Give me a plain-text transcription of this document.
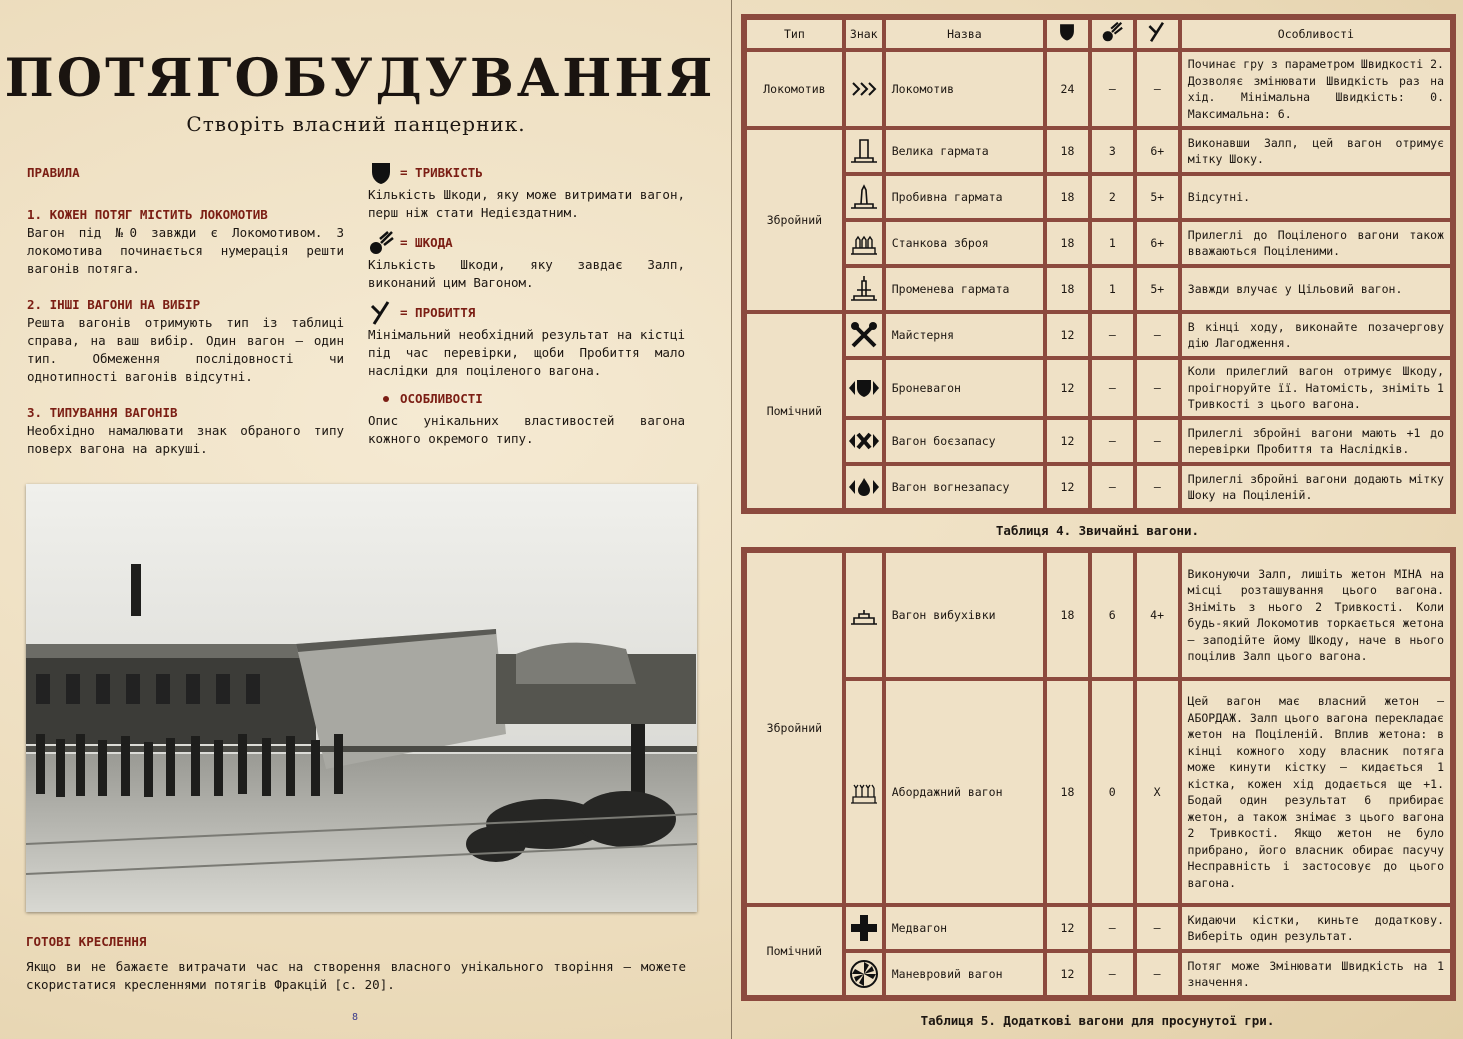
ПОТЯГОБУДУВАННЯ
Створіть власний панцерник.
ПРАВИЛА
1. КОЖЕН ПОТЯГ МІСТИТЬ ЛОКОМОТИВ

Вагон під №0 завжди є Локомотивом. З локомотива починається нумерація решти вагонів потяга.

2. ІНШІ ВАГОНИ НА ВИБІР

Решта вагонів отримують тип із таблиці справа, на ваш вибір. Один вагон – один тип. Обмеження послідовності чи однотипності вагонів відсутні.

3. ТИПУВАННЯ ВАГОНІВ

Необхідно намалювати знак обраного типу поверх вагона на аркуші.

= ТРИВКІСТЬ

Кількість Шкоди, яку може витримати вагон, перш ніж стати Недієздатним.

= ШКОДА

Кількість Шкоди, яку завдає Залп, виконаний цим Вагоном.

= ПРОБИТТЯ

Мінімальний необхідний результат на кістці під час перевірки, щоби Пробиття мало наслідки для поціленого вагона.

ОСОБЛИВОСТІ

Опис унікальних властивостей вагона кожного окремого типу.

ГОТОВІ КРЕСЛЕННЯ
Якщо ви не бажаєте витрачати час на створення власного унікального творіння – можете скористатися кресленнями потягів Фракцій [с. 20].
8
Тип	Знак	Назва				Особливості
Локомотив		Локомотив	24	–	–	Починає гру з параметром Швидкості 2. Дозволяє змінювати Швидкість раз на хід. Мінімальна Швидкість: 0. Максимальна: 6.
Збройний		Велика гармата	18	3	6+	Виконавши Залп, цей вагон отримує мітку Шоку.

	Пробивна гармата	18	2	5+	Відсутні.

	Станкова зброя	18	1	6+	Прилеглі до Поціленого вагони також вважаються Поціленими.

	Променева гармата	18	1	5+	Завжди влучає у Цільовий вагон.
Помічний		Майстерня	12	–	–	В кінці ходу, виконайте позачергову дію Лагодження.

	Броневагон	12	–	–	Коли прилеглий вагон отримує Шкоду, проігноруйте її. Натомість, зніміть 1 Тривкості з цього вагона.

	Вагон боєзапасу	12	–	–	Прилеглі збройні вагони мають +1 до перевірки Пробиття та Наслідків.

	Вагон вогнезапасу	12	–	–	Прилеглі збройні вагони додають мітку Шоку на Поціленій.
Таблиця 4. Звичайні вагони.

Збройний		Вагон вибухівки	18	6	4+	Виконуючи Залп, лишіть жетон МІНА на місці розташування цього вагона. Зніміть з нього 2 Тривкості. Коли будь-який Локомотив торкається жетона – заподійте йому Шкоду, наче в нього поцілив Залп цього вагона.

	Абордажний вагон	18	0	X	Цей вагон має власний жетон – АБОРДАЖ. Залп цього вагона перекладає жетон на Поціленій. Вплив жетона: в кінці кожного ходу власник потяга може кинути кістку – кидається 1 кістка, кожен хід додається ще +1. Бодай один результат 6 прибирає жетон, а також знімає з цього вагона 2 Тривкості. Якщо жетон не було прибрано, його власник обирає пасучу Несправність і застосовує до цього вагона.
Помічний		Медвагон	12	–	–	Кидаючи кістки, киньте додаткову. Виберіть один результат.

	Маневровий вагон	12	–	–	Потяг може Змінювати Швидкість на 1 значення.
Таблиця 5. Додаткові вагони для просунутої гри.
